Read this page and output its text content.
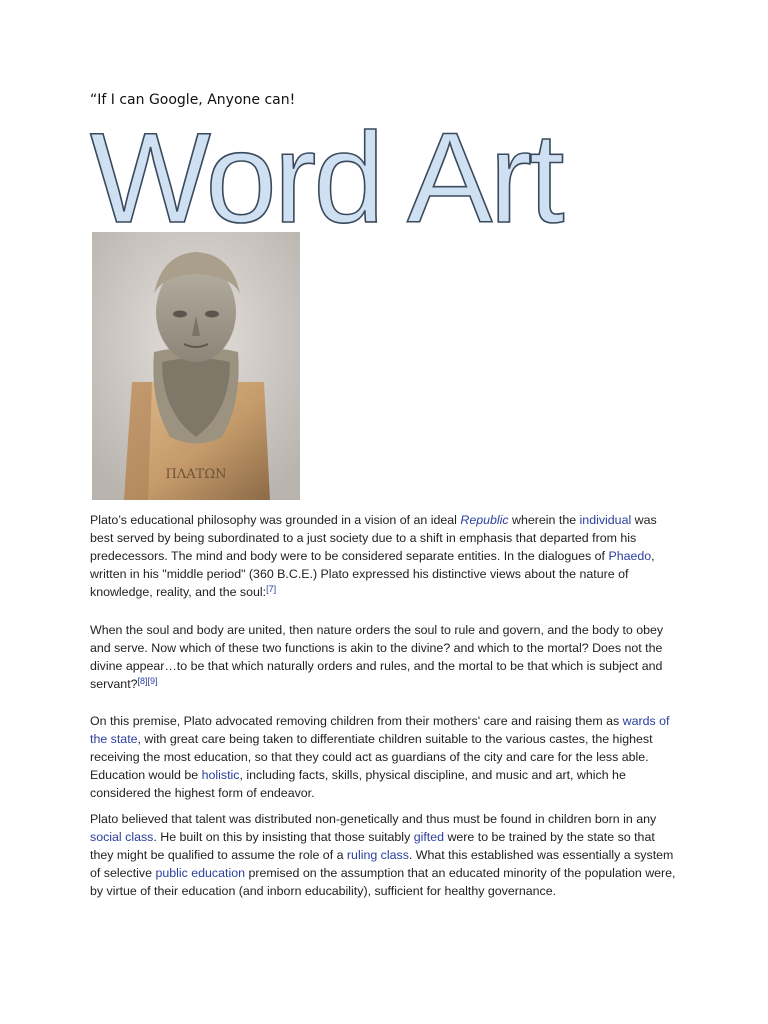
“If I can Google, Anyone can!
Word Art
ΠΛΑΤΩΝ

Plato’s educational philosophy was grounded in a vision of an ideal Republic wherein the individual was best served by being subordinated to a just society due to a shift in emphasis that departed from his predecessors. The mind and body were to be considered separate entities. In the dialogues of Phaedo, written in his "middle period" (360 B.C.E.) Plato expressed his distinctive views about the nature of knowledge, reality, and the soul:[7]

When the soul and body are united, then nature orders the soul to rule and govern, and the body to obey and serve. Now which of these two functions is akin to the divine? and which to the mortal? Does not the divine appear…to be that which naturally orders and rules, and the mortal to be that which is subject and servant?[8][9]

On this premise, Plato advocated removing children from their mothers' care and raising them as wards of the state, with great care being taken to differentiate children suitable to the various castes, the highest receiving the most education, so that they could act as guardians of the city and care for the less able. Education would be holistic, including facts, skills, physical discipline, and music and art, which he considered the highest form of endeavor.

Plato believed that talent was distributed non-genetically and thus must be found in children born in any social class. He built on this by insisting that those suitably gifted were to be trained by the state so that they might be qualified to assume the role of a ruling class. What this established was essentially a system of selective public education premised on the assumption that an educated minority of the population were, by virtue of their education (and inborn educability), sufficient for healthy governance.
